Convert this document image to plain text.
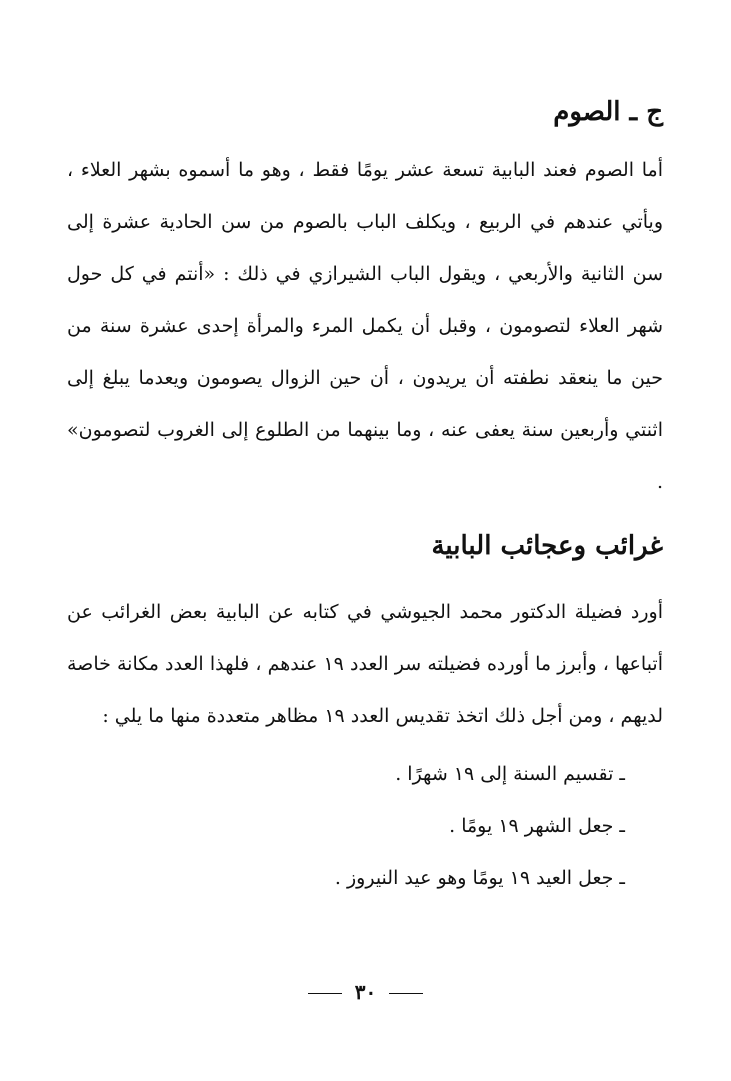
ج ـ الصوم

أما الصوم فعند البابية تسعة عشر يومًا فقط ، وهو ما أسموه بشهر العلاء ، ويأتي عندهم في الربيع ، ويكلف الباب بالصوم من سن الحادية عشرة إلى سن الثانية والأربعي ، ويقول الباب الشيرازي في ذلك : «أنتم في كل حول شهر العلاء لتصومون ، وقبل أن يكمل المرء والمرأة إحدى عشرة سنة من حين ما ينعقد نطفته أن يريدون ، أن حين الزوال يصومون ويعدما يبلغ إلى اثنتي وأربعين سنة يعفى عنه ، وما بينهما من الطلوع إلى الغروب لتصومون» .

غرائب وعجائب البابية

أورد فضيلة الدكتور محمد الجيوشي في كتابه عن البابية بعض الغرائب عن أتباعها ، وأبرز ما أورده فضيلته سر العدد ١٩ عندهم ، فلهذا العدد مكانة خاصة لديهم ، ومن أجل ذلك اتخذ تقديس العدد ١٩ مظاهر متعددة منها ما يلي :

ـ تقسيم السنة إلى ١٩ شهرًا .
ـ جعل الشهر ١٩ يومًا .
ـ جعل العيد ١٩ يومًا وهو عيد النيروز .
٣٠
